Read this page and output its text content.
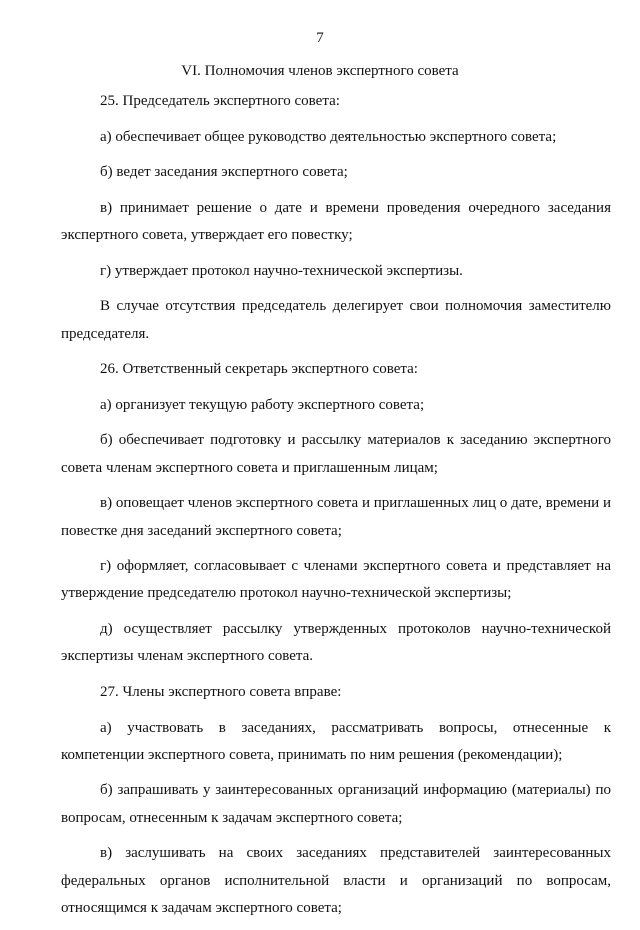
7
VI. Полномочия членов экспертного совета

25. Председатель экспертного совета:

а) обеспечивает общее руководство деятельностью экспертного совета;

б) ведет заседания экспертного совета;

в) принимает решение о дате и времени проведения очередного заседания экспертного совета, утверждает его повестку;

г) утверждает протокол научно-технической экспертизы.

В случае отсутствия председатель делегирует свои полномочия заместителю председателя.

26. Ответственный секретарь экспертного совета:

а) организует текущую работу экспертного совета;

б) обеспечивает подготовку и рассылку материалов к заседанию экспертного совета членам экспертного совета и приглашенным лицам;

в) оповещает членов экспертного совета и приглашенных лиц о дате, времени и повестке дня заседаний экспертного совета;

г) оформляет, согласовывает с членами экспертного совета и представляет на утверждение председателю протокол научно-технической экспертизы;

д) осуществляет рассылку утвержденных протоколов научно-технической экспертизы членам экспертного совета.

27. Члены экспертного совета вправе:

а) участвовать в заседаниях, рассматривать вопросы, отнесенные к компетенции экспертного совета, принимать по ним решения (рекомендации);

б) запрашивать у заинтересованных организаций информацию (материалы) по вопросам, отнесенным к задачам экспертного совета;

в) заслушивать на своих заседаниях представителей заинтересованных федеральных органов исполнительной власти и организаций по вопросам, относящимся к задачам экспертного совета;
